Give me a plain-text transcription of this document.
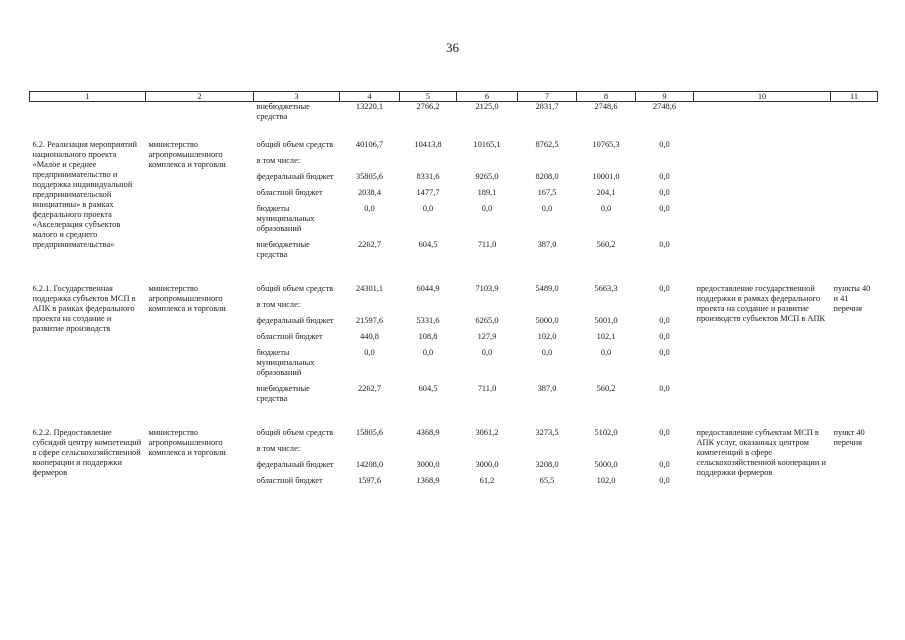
36
1	2	3	4	5	6	7	8	9	10	11
		внебюджетные средства	13220,1	2766,2	2125,0	2831,7	2748,6	2748,6		

6.2. Реализация мероприятий национального проекта «Малое и среднее предпринимательство и поддержка индивидуальной предпринимательской инициативы» в рамках федерального проекта «Акселерация субъектов малого и среднего предпринимательства»	министерство агропромышленного комплекса и торговли	общий объем средств	40106,7	10413,8	10165,1	8762,5	10765,3	0,0		
		в том числе:								
		федеральный бюджет	35805,6	8331,6	9265,0	8208,0	10001,0	0,0		
		областной бюджет	2038,4	1477,7	189,1	167,5	204,1	0,0		
		бюджеты муниципальных образований	0,0	0,0	0,0	0,0	0,0	0,0		
		внебюджетные средства	2262,7	604,5	711,0	387,0	560,2	0,0		

6.2.1. Государственная поддержка субъектов МСП в АПК в рамках федерального проекта на создание и развитие производств	министерство агропромышленного комплекса и торговли	общий объем средств	24301,1	6044,9	7103,9	5489,0	5663,3	0,0	предоставление государственной поддержки в рамках федерального проекта на создание и развитие производств субъектов МСП в АПК	пункты 40 и 41 перечня
		в том числе:								
		федеральный бюджет	21597,6	5331,6	6265,0	5000,0	5001,0	0,0		
		областной бюджет	440,8	108,8	127,9	102,0	102,1	0,0		
		бюджеты муниципальных образований	0,0	0,0	0,0	0,0	0,0	0,0		
		внебюджетные средства	2262,7	604,5	711,0	387,0	560,2	0,0		

6.2.2. Предоставление субсидий центру компетенций в сфере сельскохозяйственной кооперации и поддержки фермеров	министерство агропромышленного комплекса и торговли	общий объем средств	15805,6	4368,9	3061,2	3273,5	5102,0	0,0	предоставление субъектам МСП в АПК услуг, оказанных центром компетенций в сфере сельскохозяйственной кооперации и поддержки фермеров	пункт 40 перечня
		в том числе:								
		федеральный бюджет	14208,0	3000,0	3000,0	3208,0	5000,0	0,0		
		областной бюджет	1597,6	1368,9	61,2	65,5	102,0	0,0		
